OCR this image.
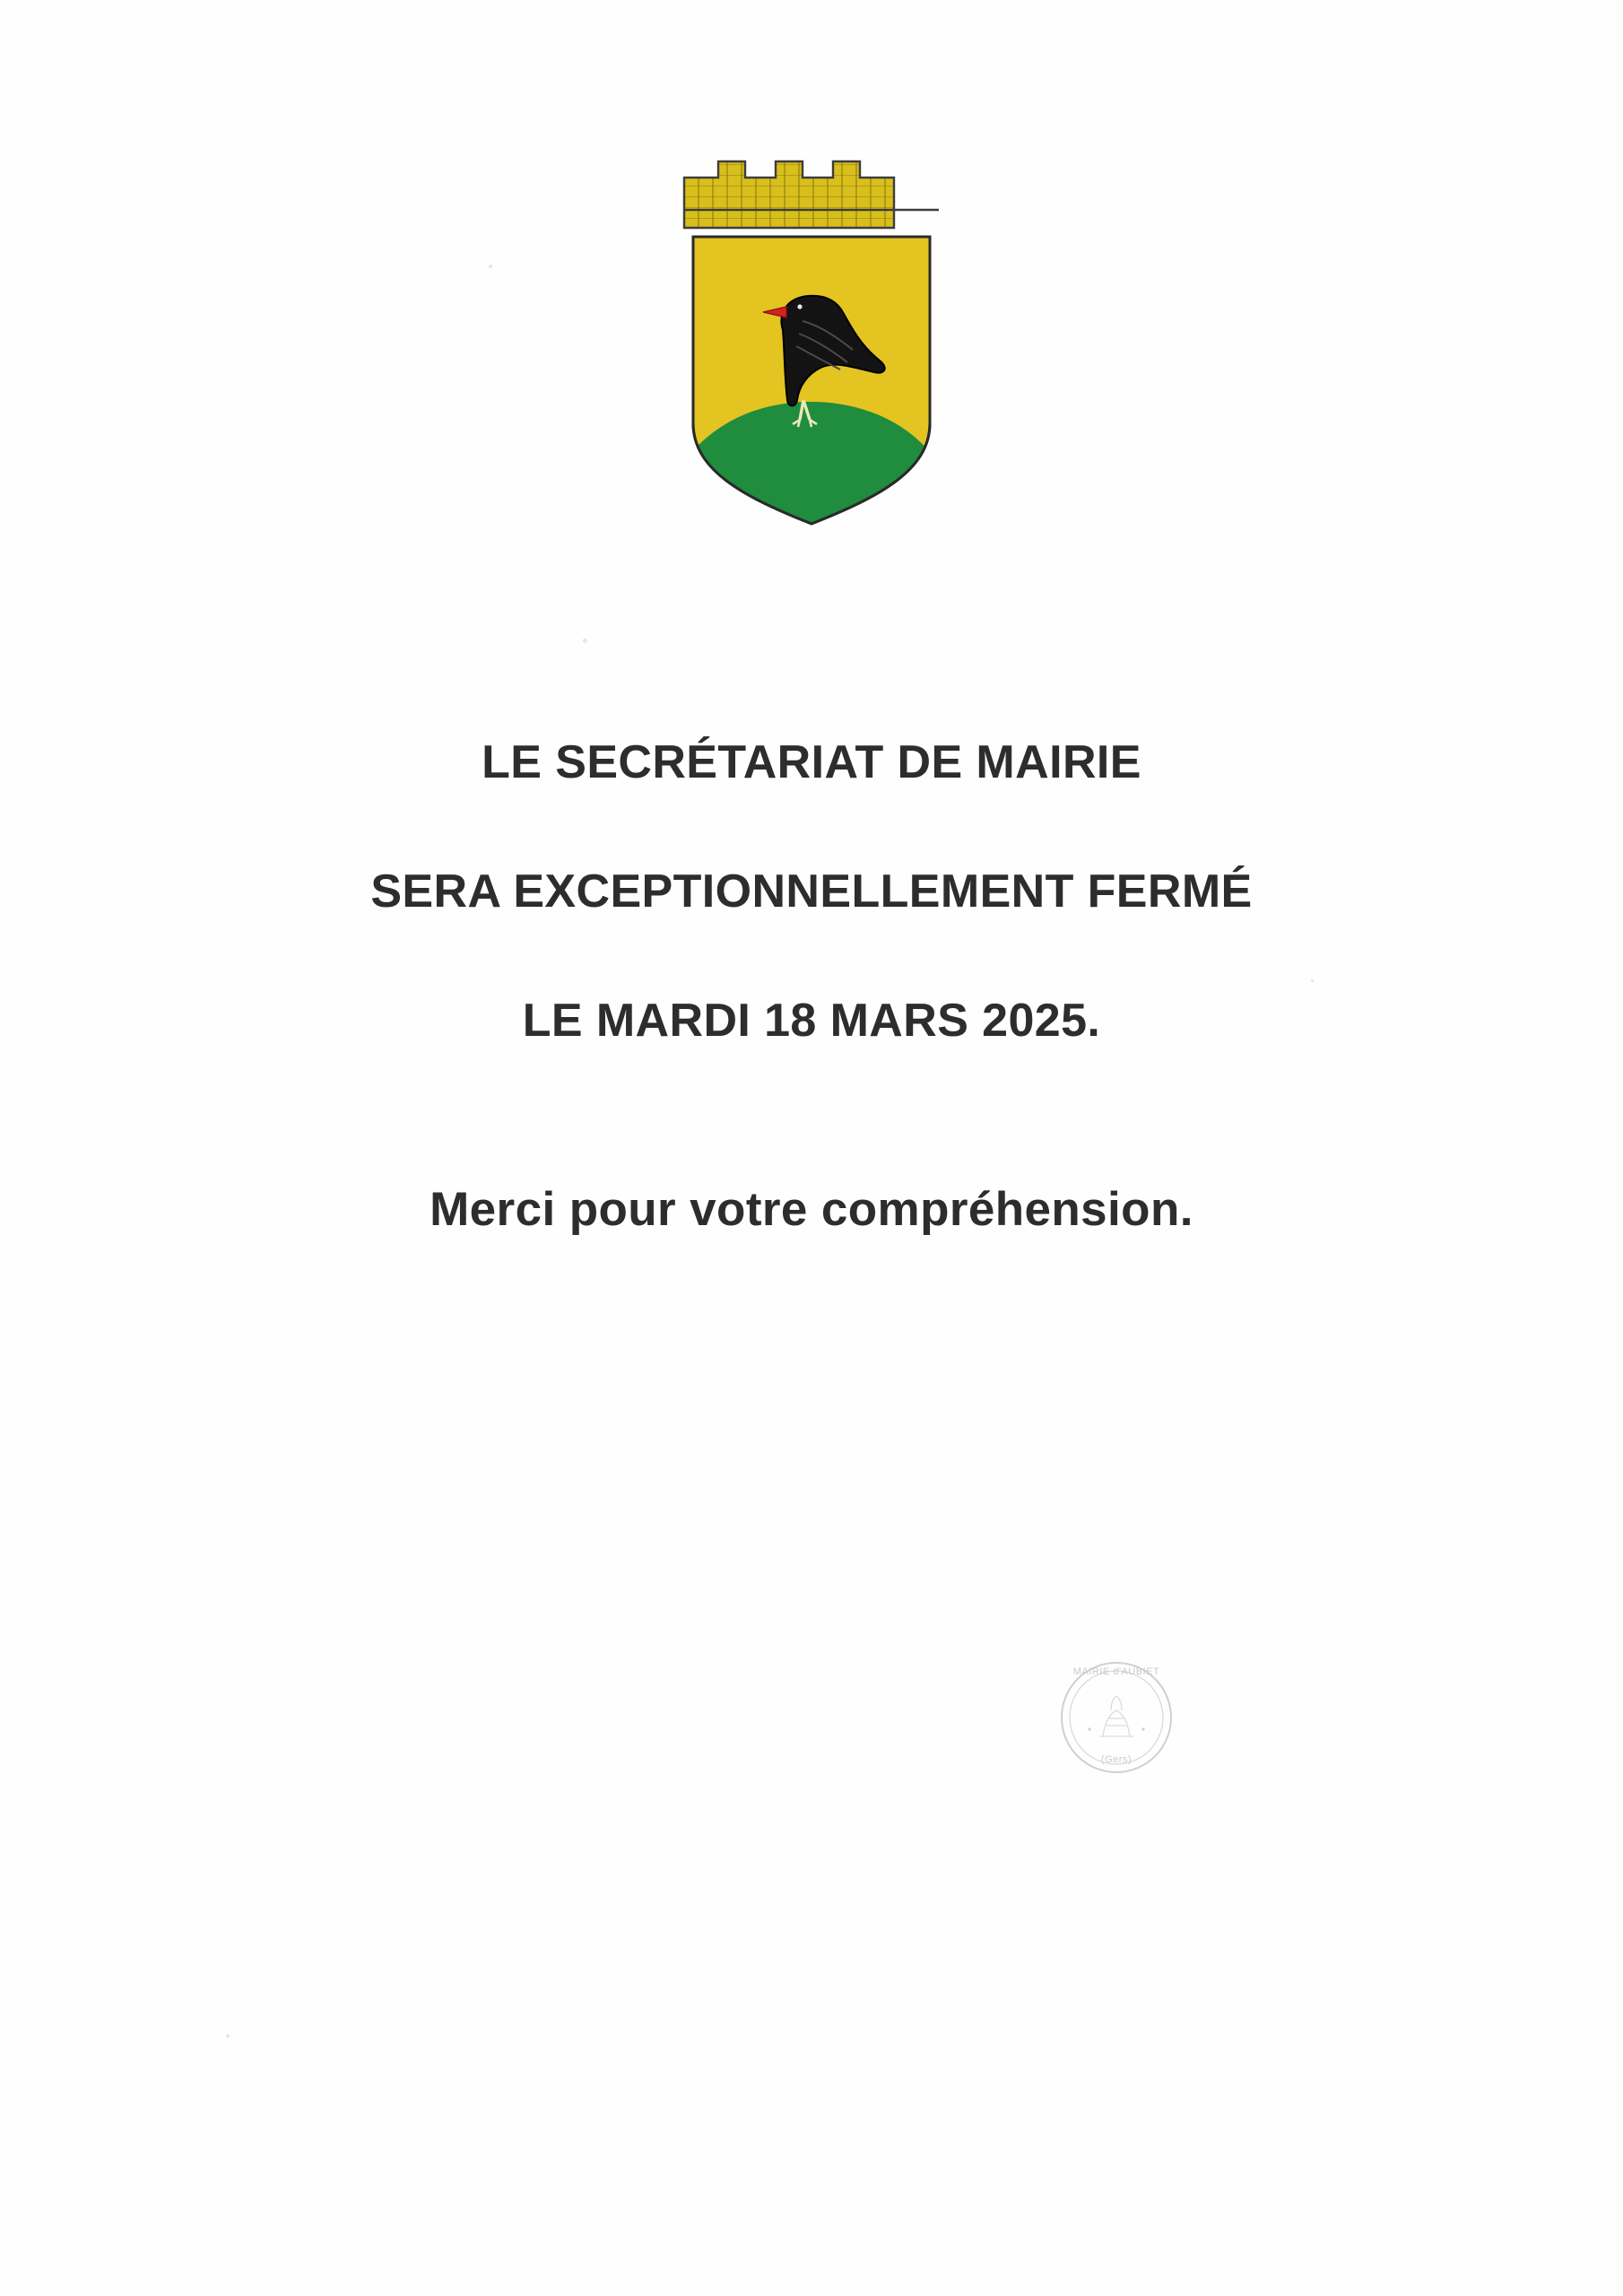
LE SECRÉTARIAT DE MAIRIE
SERA EXCEPTIONNELLEMENT FERMÉ
LE MARDI 18 MARS 2025.
Merci pour votre compréhension.
MAIRIE d'AUBIET
(Gers)
